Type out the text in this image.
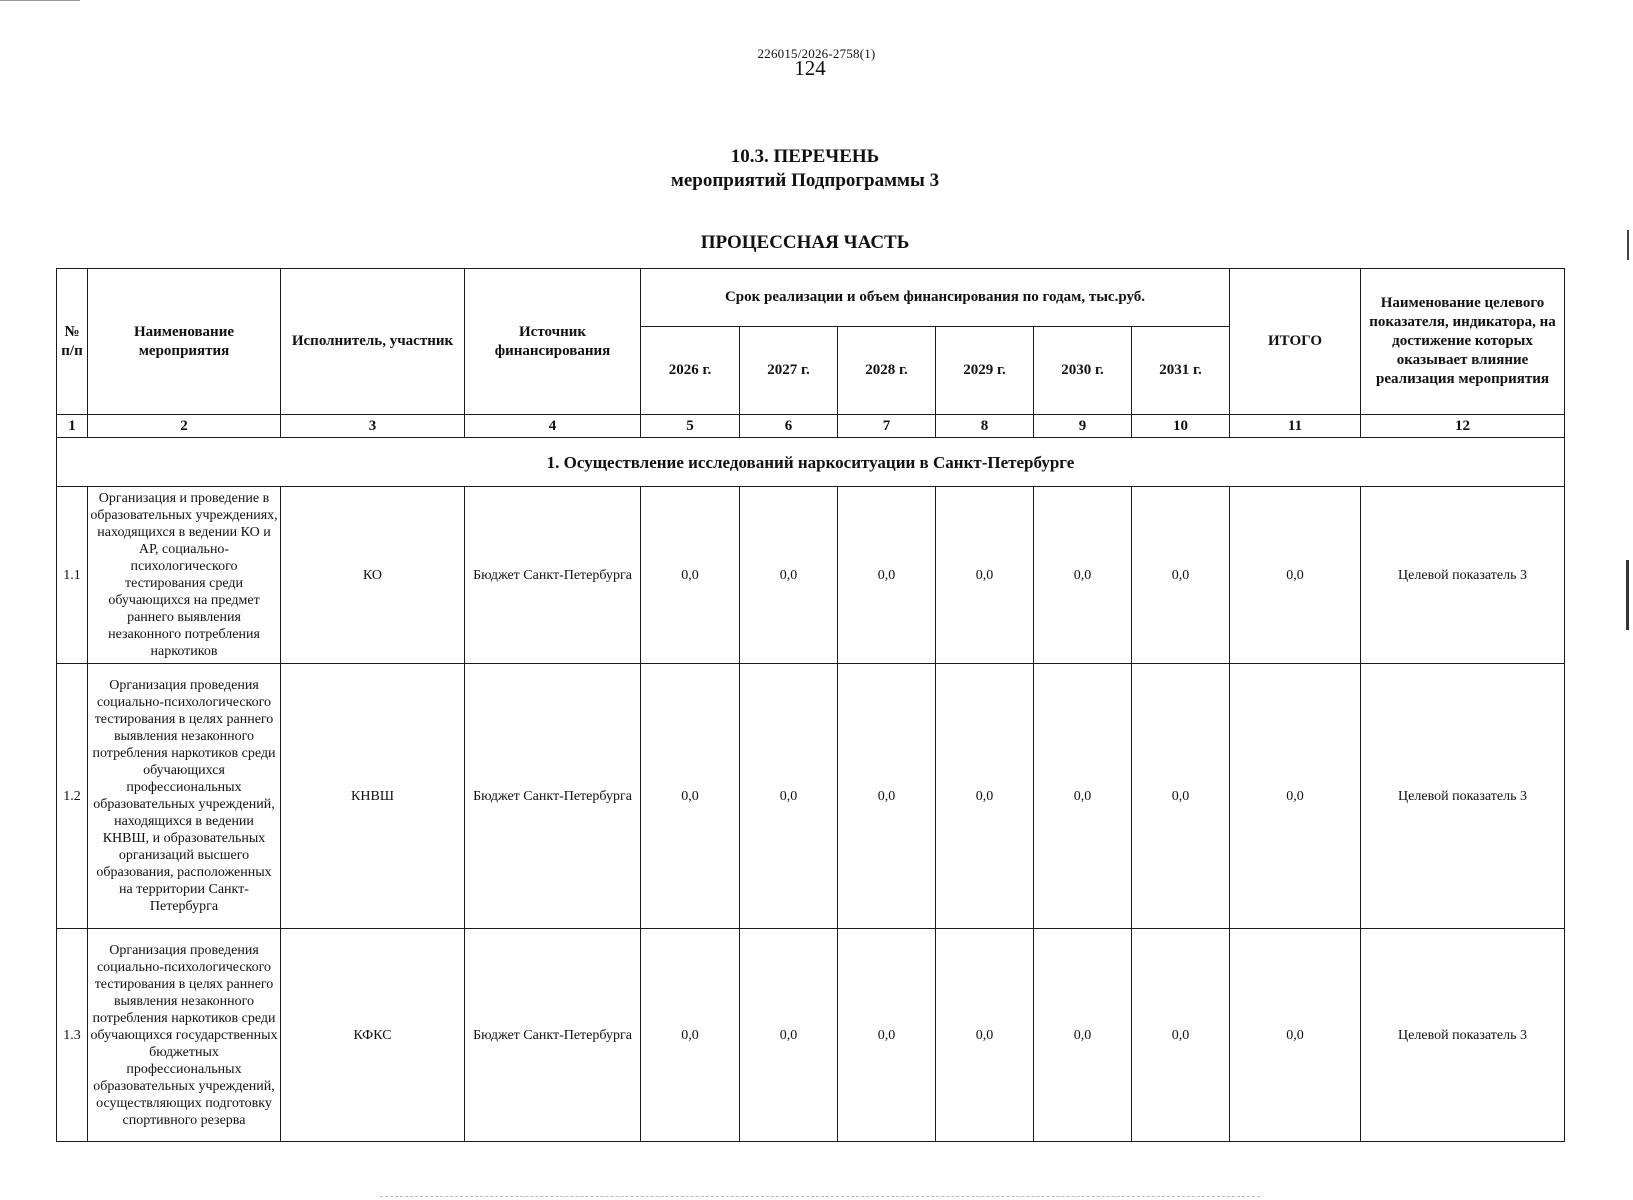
226015/2026-2758(1)
124
10.3. ПЕРЕЧЕНЬ
мероприятий Подпрограммы 3
ПРОЦЕССНАЯ ЧАСТЬ
№ п/п	Наименование мероприятия	Исполнитель, участник	Источник финансирования	Срок реализации и объем финансирования по годам, тыс.руб.						ИТОГО	Наименование целевого показателя, индикатора, на достижение которых оказывает влияние реализация мероприятия
				2026 г.	2027 г.	2028 г.	2029 г.	2030 г.	2031 г.		
1	2	3	4	5	6	7	8	9	10	11	12
1. Осуществление исследований наркоситуации в Санкт-Петербурге											
1.1	Организация и проведение в образовательных учреждениях, находящихся в ведении КО и АР, социально-психологического тестирования среди обучающихся на предмет раннего выявления незаконного потребления наркотиков	КО	Бюджет Санкт-Петербурга	0,0	0,0	0,0	0,0	0,0	0,0	0,0	Целевой показатель 3
1.2	Организация проведения социально-психологического тестирования в целях раннего выявления незаконного потребления наркотиков среди обучающихся профессиональных образовательных учреждений, находящихся в ведении КНВШ, и образовательных организаций высшего образования, расположенных на территории Санкт-Петербурга	КНВШ	Бюджет Санкт-Петербурга	0,0	0,0	0,0	0,0	0,0	0,0	0,0	Целевой показатель 3
1.3	Организация проведения социально-психологического тестирования в целях раннего выявления незаконного потребления наркотиков среди обучающихся государственных бюджетных профессиональных образовательных учреждений, осуществляющих подготовку спортивного резерва	КФКС	Бюджет Санкт-Петербурга	0,0	0,0	0,0	0,0	0,0	0,0	0,0	Целевой показатель 3
